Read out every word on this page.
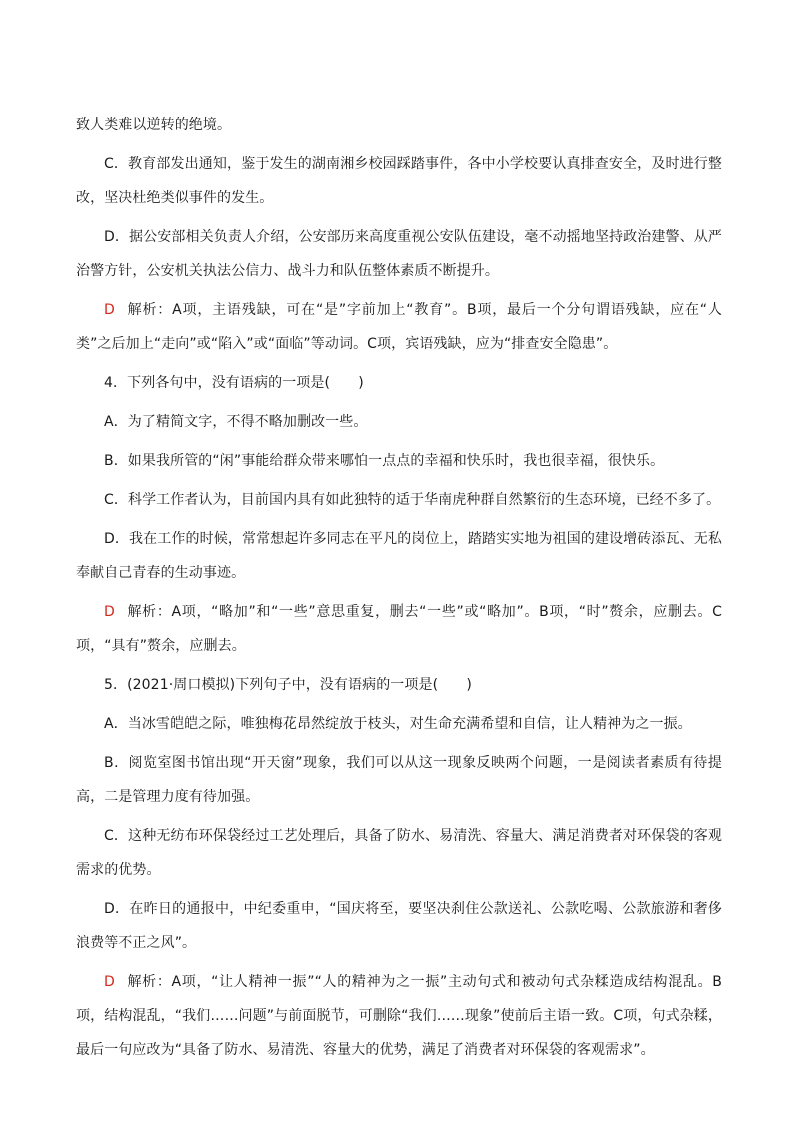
致人类难以逆转的绝境。

C．教育部发出通知，鉴于发生的湖南湘乡校园踩踏事件，各中小学校要认真排查安全，及时进行整改，坚决杜绝类似事件的发生。

D．据公安部相关负责人介绍，公安部历来高度重视公安队伍建设，毫不动摇地坚持政治建警、从严治警方针，公安机关执法公信力、战斗力和队伍整体素质不断提升。

D 解析：A项，主语残缺，可在“是”字前加上“教育”。B项，最后一个分句谓语残缺，应在“人类”之后加上“走向”或“陷入”或“面临”等动词。C项，宾语残缺，应为“排查安全隐患”。

4．下列各句中，没有语病的一项是(　　)

A．为了精简文字，不得不略加删改一些。

B．如果我所管的“闲”事能给群众带来哪怕一点点的幸福和快乐时，我也很幸福，很快乐。

C．科学工作者认为，目前国内具有如此独特的适于华南虎种群自然繁衍的生态环境，已经不多了。

D．我在工作的时候，常常想起许多同志在平凡的岗位上，踏踏实实地为祖国的建设增砖添瓦、无私奉献自己青春的生动事迹。

D 解析：A项，“略加”和“一些”意思重复，删去“一些”或“略加”。B项，“时”赘余，应删去。C项，“具有”赘余，应删去。

5．(2021·周口模拟)下列句子中，没有语病的一项是(　　)

A．当冰雪皑皑之际，唯独梅花昂然绽放于枝头，对生命充满希望和自信，让人精神为之一振。

B．阅览室图书馆出现“开天窗”现象，我们可以从这一现象反映两个问题，一是阅读者素质有待提高，二是管理力度有待加强。

C．这种无纺布环保袋经过工艺处理后，具备了防水、易清洗、容量大、满足消费者对环保袋的客观需求的优势。

D．在昨日的通报中，中纪委重申，“国庆将至，要坚决刹住公款送礼、公款吃喝、公款旅游和奢侈浪费等不正之风”。

D 解析：A项，“让人精神一振”“人的精神为之一振”主动句式和被动句式杂糅造成结构混乱。B项，结构混乱，“我们……问题”与前面脱节，可删除“我们……现象”使前后主语一致。C项，句式杂糅，最后一句应改为“具备了防水、易清洗、容量大的优势，满足了消费者对环保袋的客观需求”。
